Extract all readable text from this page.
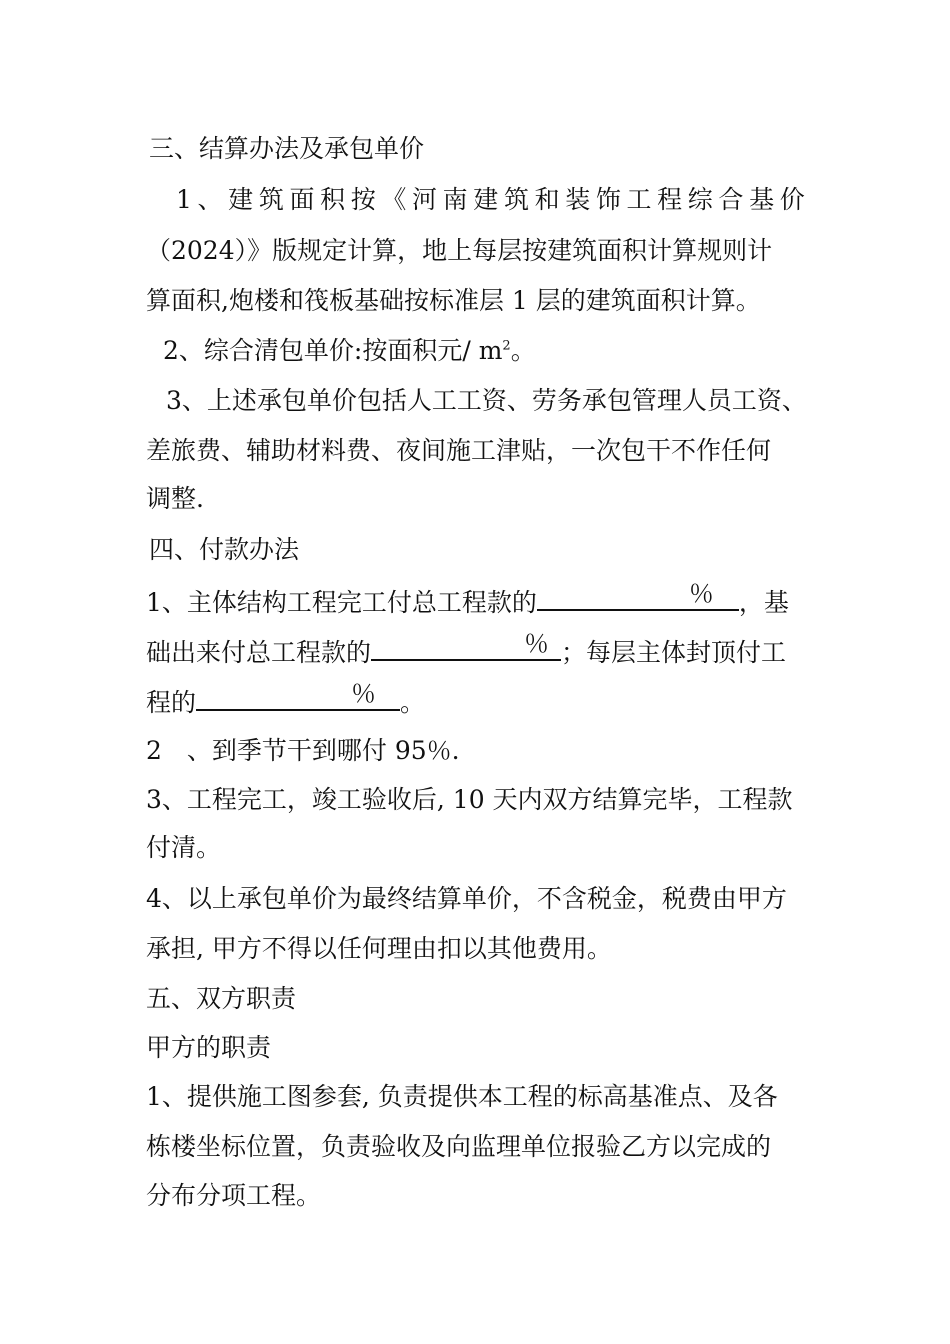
三、结算办法及承包单价
1 、 建 筑 面 积 按 《 河 南 建 筑 和 装 饰 工 程 综 合 基 价
（2024）》版规定计算，地上每层按建筑面积计算规则计
算面积,炮楼和筏板基础按标准层 1 层的建筑面积计算。
2、综合清包单价:按面积元/ $m^2$。
3、上述承包单价包括人工工资、劳务承包管理人员工资、
差旅费、辅助材料费、夜间施工津贴，一次包干不作任何
调整.
四、付款办法
1、主体结构工程完工付总工程款的	％ ，基
础出来付总工程款的	％ ；每层主体封顶付工
程的	％ 。
2　、到季节干到哪付 95％.
3、工程完工，竣工验收后, 10 天内双方结算完毕，工程款
付清。
4、以上承包单价为最终结算单价，不含税金，税费由甲方
承担, 甲方不得以任何理由扣以其他费用。
五、双方职责
甲方的职责
1、提供施工图参套, 负责提供本工程的标高基准点、及各
栋楼坐标位置，负责验收及向监理单位报验乙方以完成的
分布分项工程。
